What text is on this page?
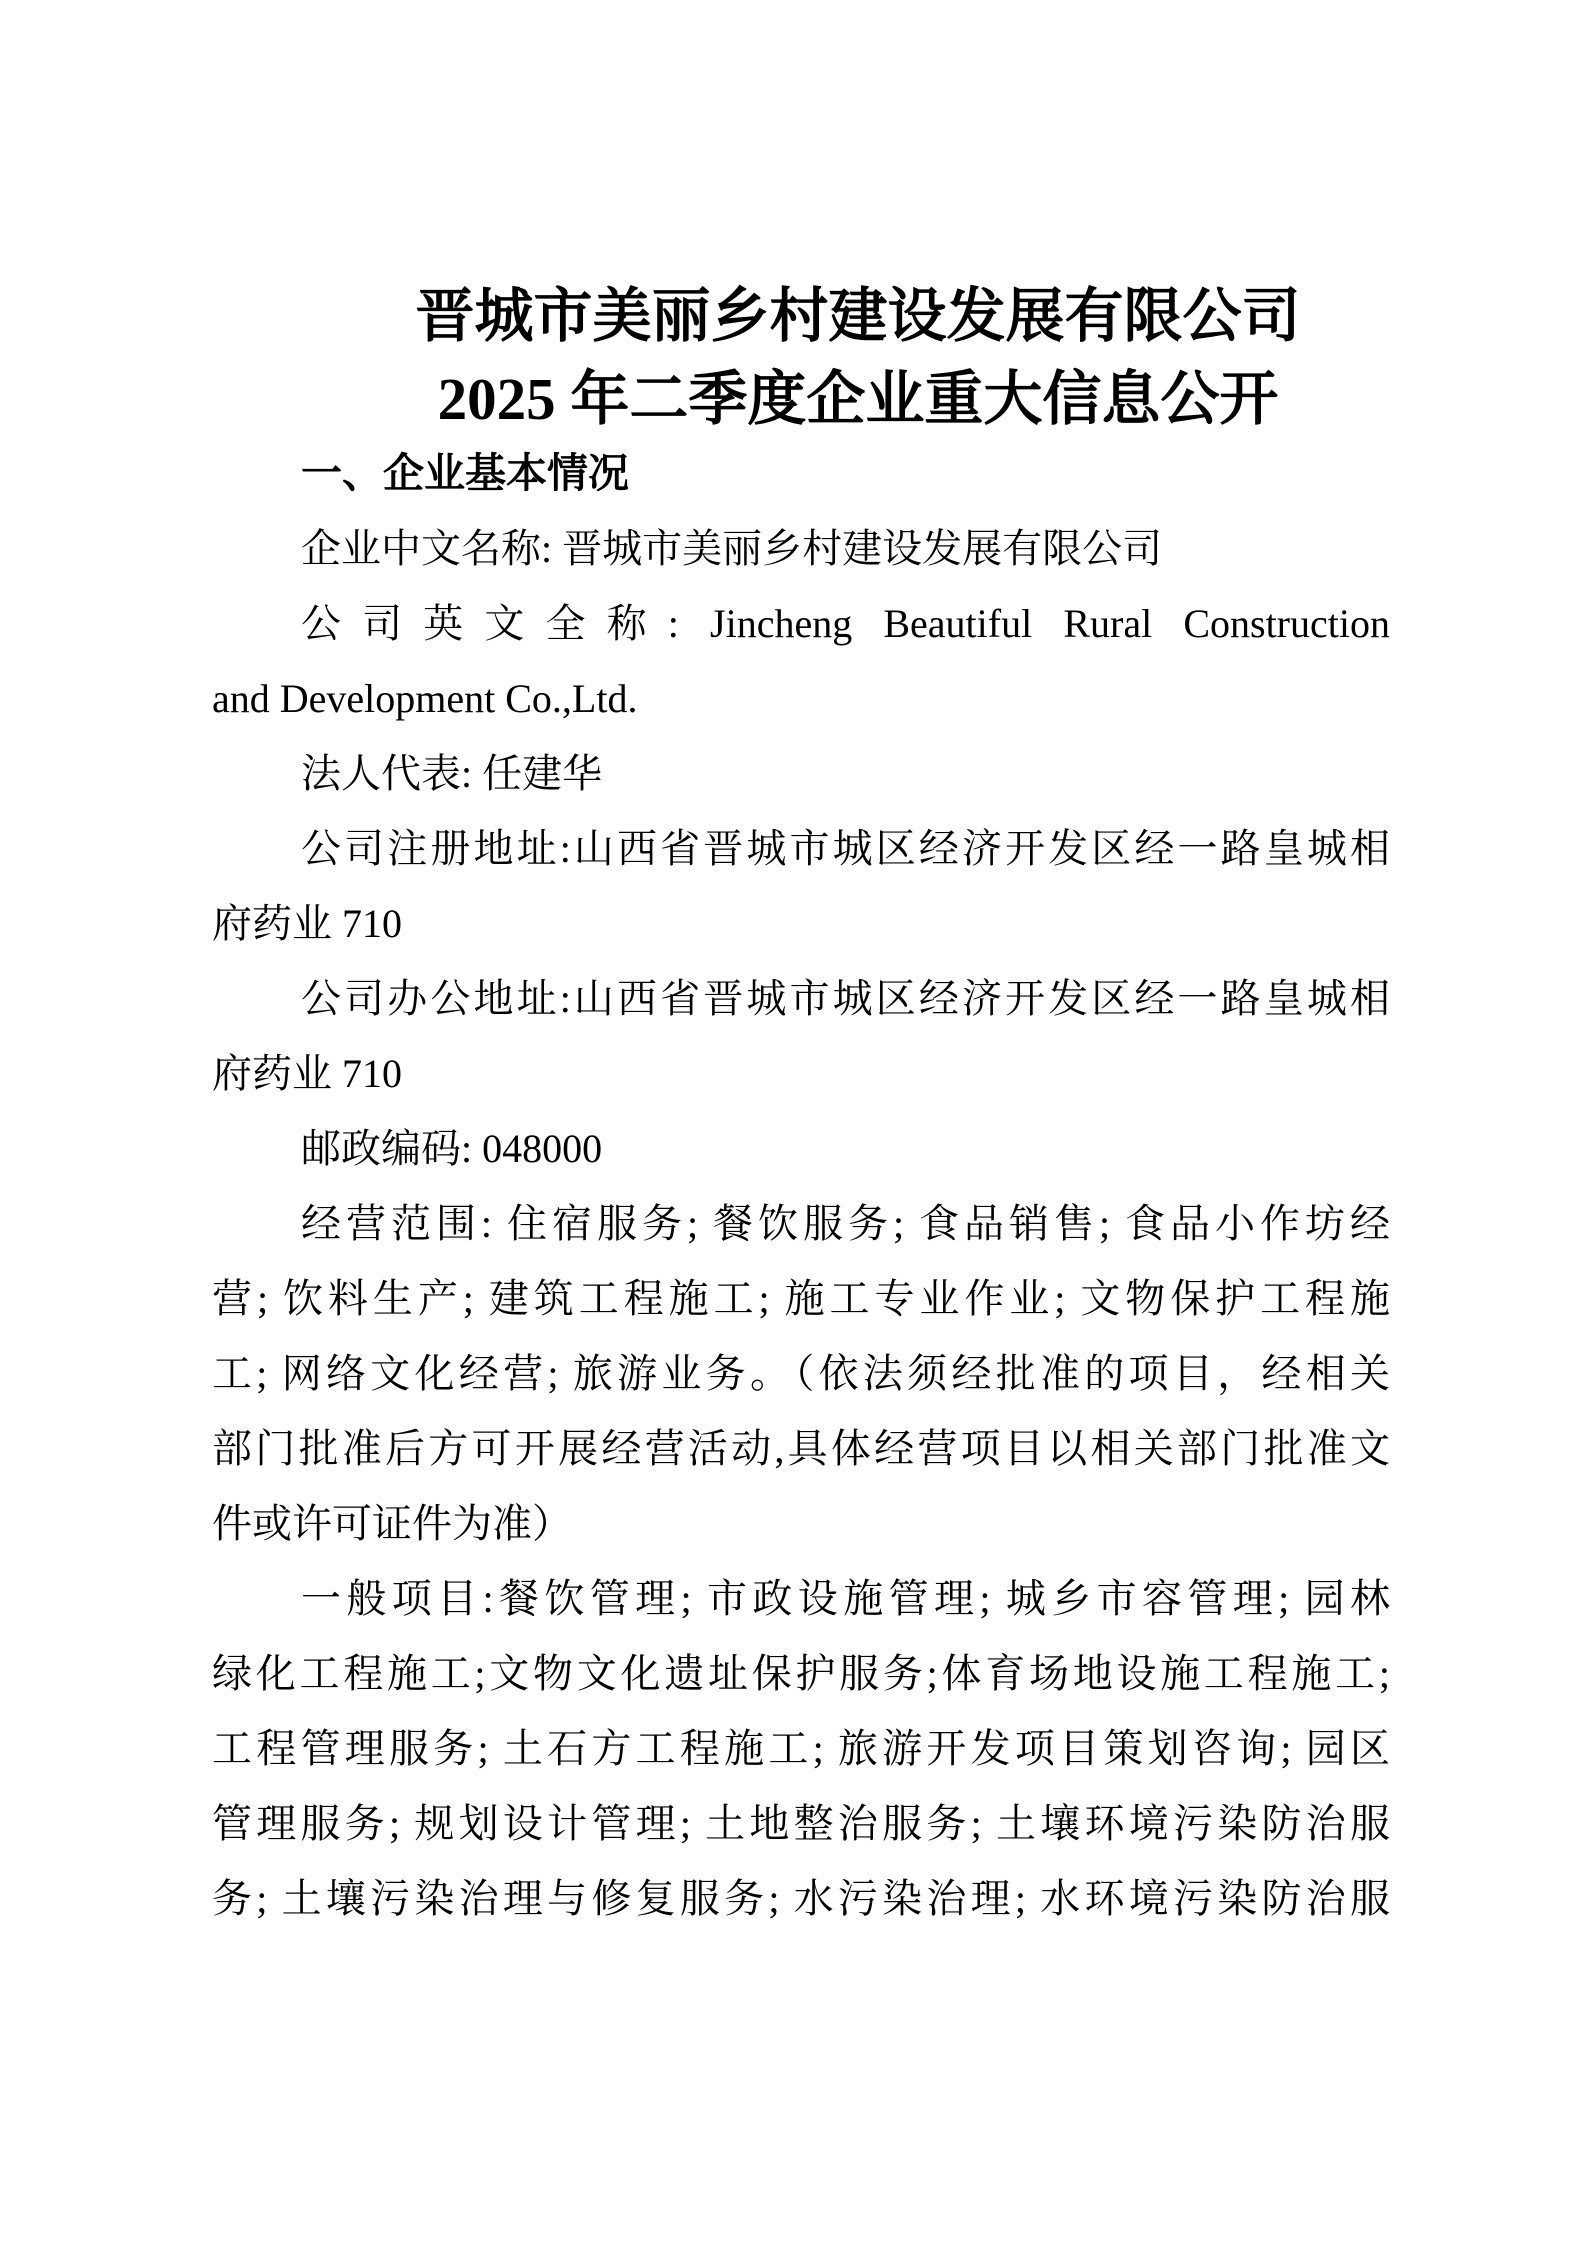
晋城市美丽乡村建设发展有限公司
2025 年二季度企业重大信息公开
一、企业基本情况
企业中文名称: 晋城市美丽乡村建设发展有限公司
公司英文全称: Jincheng Beautiful Rural Construction
and Development Co.,Ltd.
法人代表: 任建华
公司注册地址:山西省晋城市城区经济开发区经一路皇城相
府药业 710
公司办公地址:山西省晋城市城区经济开发区经一路皇城相
府药业 710
邮政编码: 048000
经营范围: 住宿服务; 餐饮服务; 食品销售; 食品小作坊经
营; 饮料生产; 建筑工程施工; 施工专业作业; 文物保护工程施
工; 网络文化经营; 旅游业务。（依法须经批准的项目，经相关
部门批准后方可开展经营活动,具体经营项目以相关部门批准文
件或许可证件为准）
一般项目:餐饮管理; 市政设施管理; 城乡市容管理; 园林
绿化工程施工;文物文化遗址保护服务;体育场地设施工程施工;
工程管理服务; 土石方工程施工; 旅游开发项目策划咨询; 园区
管理服务; 规划设计管理; 土地整治服务; 土壤环境污染防治服
务; 土壤污染治理与修复服务; 水污染治理; 水环境污染防治服
